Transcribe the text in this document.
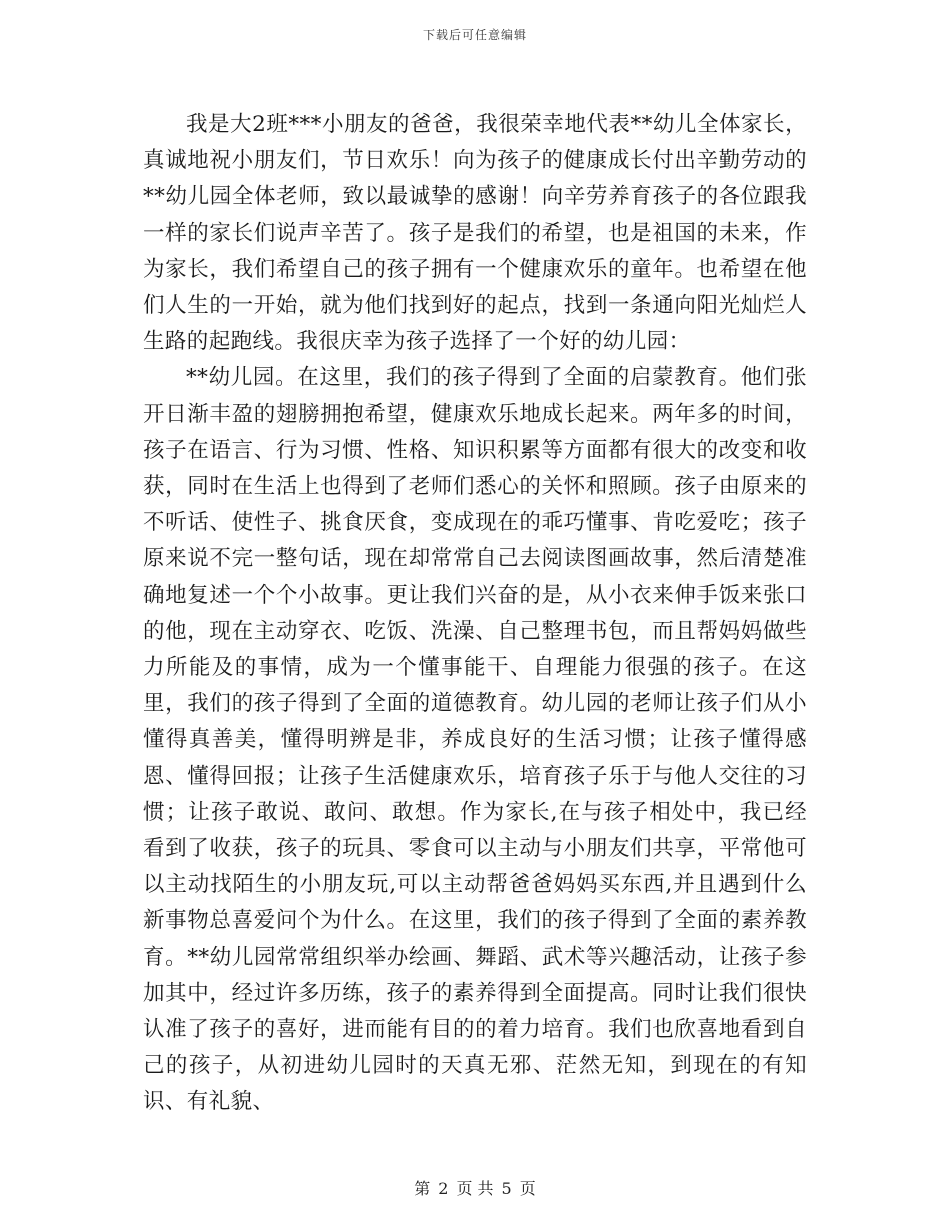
下载后可任意编辑

我是大2班***小朋友的爸爸，我很荣幸地代表**幼儿全体家长，真诚地祝小朋友们，节日欢乐！向为孩子的健康成长付出辛勤劳动的**幼儿园全体老师，致以最诚挚的感谢！向辛劳养育孩子的各位跟我一样的家长们说声辛苦了。孩子是我们的希望，也是祖国的未来，作为家长，我们希望自己的孩子拥有一个健康欢乐的童年。也希望在他们人生的一开始，就为他们找到好的起点，找到一条通向阳光灿烂人生路的起跑线。我很庆幸为孩子选择了一个好的幼儿园：

**幼儿园。在这里，我们的孩子得到了全面的启蒙教育。他们张开日渐丰盈的翅膀拥抱希望，健康欢乐地成长起来。两年多的时间，孩子在语言、行为习惯、性格、知识积累等方面都有很大的改变和收获，同时在生活上也得到了老师们悉心的关怀和照顾。孩子由原来的不听话、使性子、挑食厌食，变成现在的乖巧懂事、肯吃爱吃；孩子原来说不完一整句话，现在却常常自己去阅读图画故事，然后清楚准确地复述一个个小故事。更让我们兴奋的是，从小衣来伸手饭来张口的他，现在主动穿衣、吃饭、洗澡、自己整理书包，而且帮妈妈做些力所能及的事情，成为一个懂事能干、自理能力很强的孩子。在这里，我们的孩子得到了全面的道德教育。幼儿园的老师让孩子们从小懂得真善美，懂得明辨是非，养成良好的生活习惯；让孩子懂得感恩、懂得回报；让孩子生活健康欢乐，培育孩子乐于与他人交往的习惯；让孩子敢说、敢问、敢想。作为家长,在与孩子相处中，我已经看到了收获，孩子的玩具、零食可以主动与小朋友们共享，平常他可以主动找陌生的小朋友玩,可以主动帮爸爸妈妈买东西,并且遇到什么新事物总喜爱问个为什么。在这里，我们的孩子得到了全面的素养教育。**幼儿园常常组织举办绘画、舞蹈、武术等兴趣活动，让孩子参加其中，经过许多历练，孩子的素养得到全面提高。同时让我们很快认准了孩子的喜好，进而能有目的的着力培育。我们也欣喜地看到自己的孩子，从初进幼儿园时的天真无邪、茫然无知，到现在的有知识、有礼貌、

第 2 页 共 5 页
